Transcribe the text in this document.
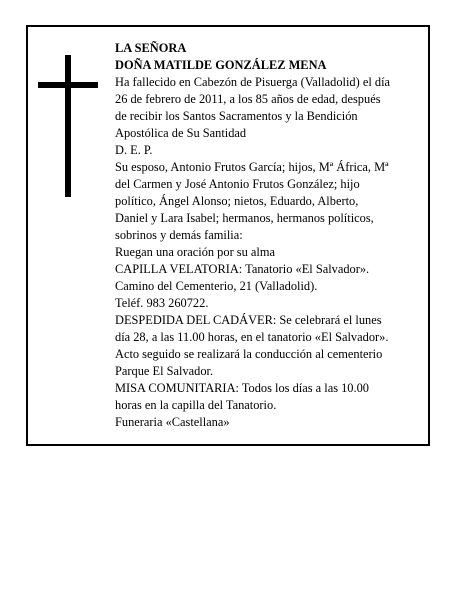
LA SEÑORA
DOÑA MATILDE GONZÁLEZ MENA
Ha fallecido en Cabezón de Pisuerga (Valladolid) el día
26 de febrero de 2011, a los 85 años de edad, después
de recibir los Santos Sacramentos y la Bendición
Apostólica de Su Santidad
D. E. P.
Su esposo, Antonio Frutos García; hijos, Mª África, Mª
del Carmen y José Antonio Frutos González; hijo
político, Ángel Alonso; nietos, Eduardo, Alberto,
Daniel y Lara Isabel; hermanos, hermanos políticos,
sobrinos y demás familia:
Ruegan una oración por su alma
CAPILLA VELATORIA: Tanatorio «El Salvador».
Camino del Cementerio, 21 (Valladolid).
Teléf. 983 260722.
DESPEDIDA DEL CADÁVER: Se celebrará el lunes
día 28, a las 11.00 horas, en el tanatorio «El Salvador».
Acto seguido se realizará la conducción al cementerio
Parque El Salvador.
MISA COMUNITARIA: Todos los días a las 10.00
horas en la capilla del Tanatorio.
Funeraria «Castellana»
